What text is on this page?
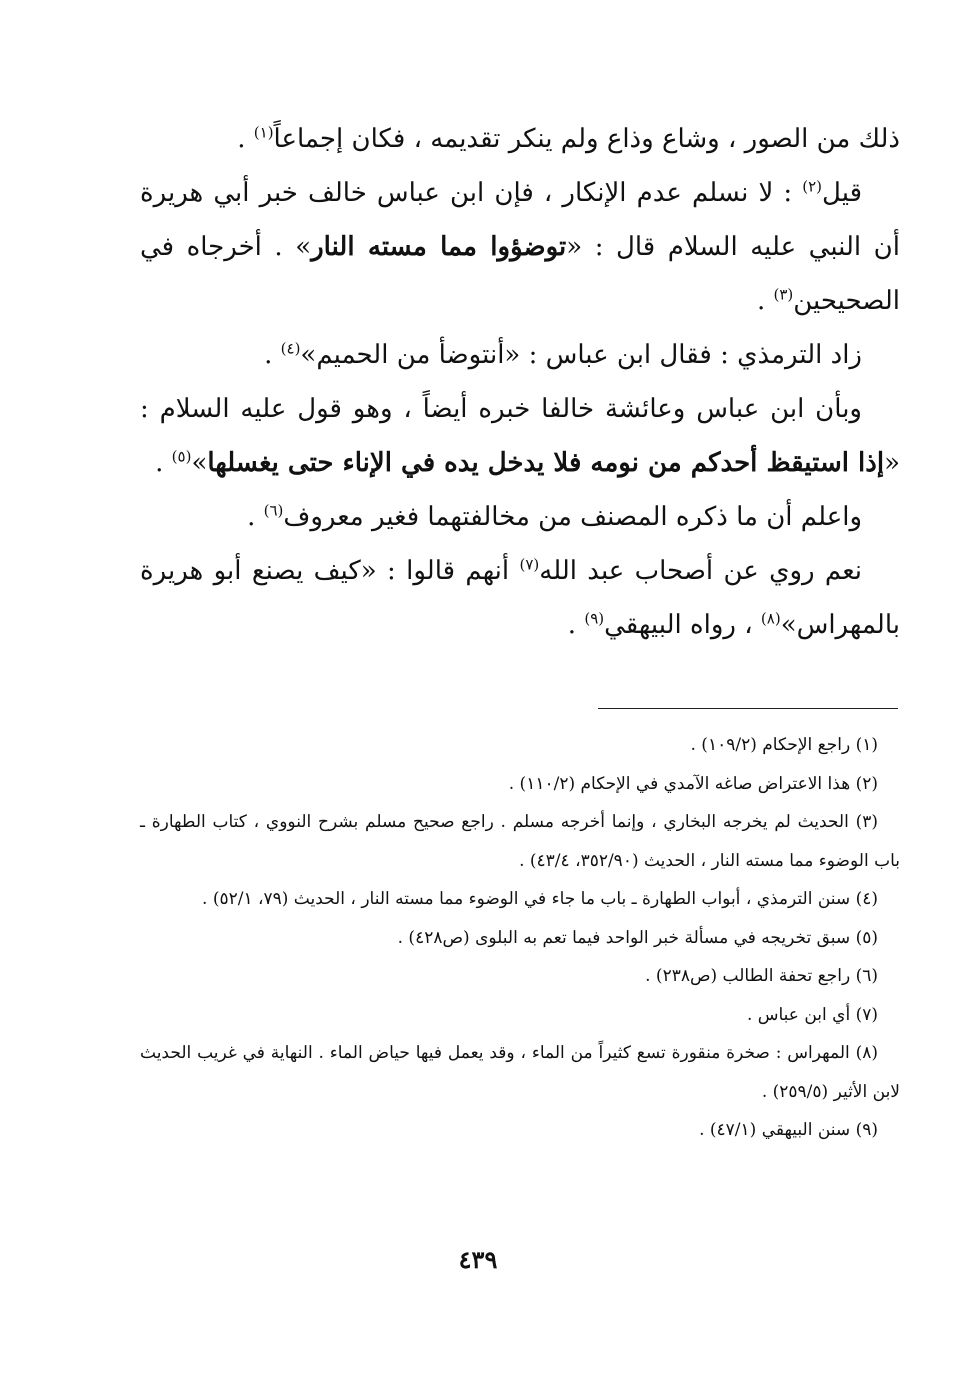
ذلك من الصور ، وشاع وذاع ولم ينكر تقديمه ، فكان إجماعاً$^{(١)}$ .

قيل$^{(٢)}$ : لا نسلم عدم الإنكار ، فإن ابن عباس خالف خبر أبي هريرة أن النبي عليه السلام قال : «توضؤوا مما مسته النار» . أخرجاه في الصحيحين$^{(٣)}$ .

زاد الترمذي : فقال ابن عباس : «أنتوضأ من الحميم»$^{(٤)}$ .

وبأن ابن عباس وعائشة خالفا خبره أيضاً ، وهو قول عليه السلام : «إذا استيقظ أحدكم من نومه فلا يدخل يده في الإناء حتى يغسلها»$^{(٥)}$ .

واعلم أن ما ذكره المصنف من مخالفتهما فغير معروف$^{(٦)}$ .

نعم روي عن أصحاب عبد الله$^{(٧)}$ أنهم قالوا : «كيف يصنع أبو هريرة بالمهراس»$^{(٨)}$ ، رواه البيهقي$^{(٩)}$ .

(١) راجع الإحكام (١٠٩/٢) .

(٢) هذا الاعتراض صاغه الآمدي في الإحكام (١١٠/٢) .

(٣) الحديث لم يخرجه البخاري ، وإنما أخرجه مسلم . راجع صحيح مسلم بشرح النووي ، كتاب الطهارة ـ باب الوضوء مما مسته النار ، الحديث (٣٥٢/٩٠، ٤٣/٤) .

(٤) سنن الترمذي ، أبواب الطهارة ـ باب ما جاء في الوضوء مما مسته النار ، الحديث (٧٩، ٥٢/١) .

(٥) سبق تخريجه في مسألة خبر الواحد فيما تعم به البلوى (ص٤٢٨) .

(٦) راجع تحفة الطالب (ص٢٣٨) .

(٧) أي ابن عباس .

(٨) المهراس : صخرة منقورة تسع كثيراً من الماء ، وقد يعمل فيها حياض الماء . النهاية في غريب الحديث لابن الأثير (٢٥٩/٥) .

(٩) سنن البيهقي (٤٧/١) .

٤٣٩
